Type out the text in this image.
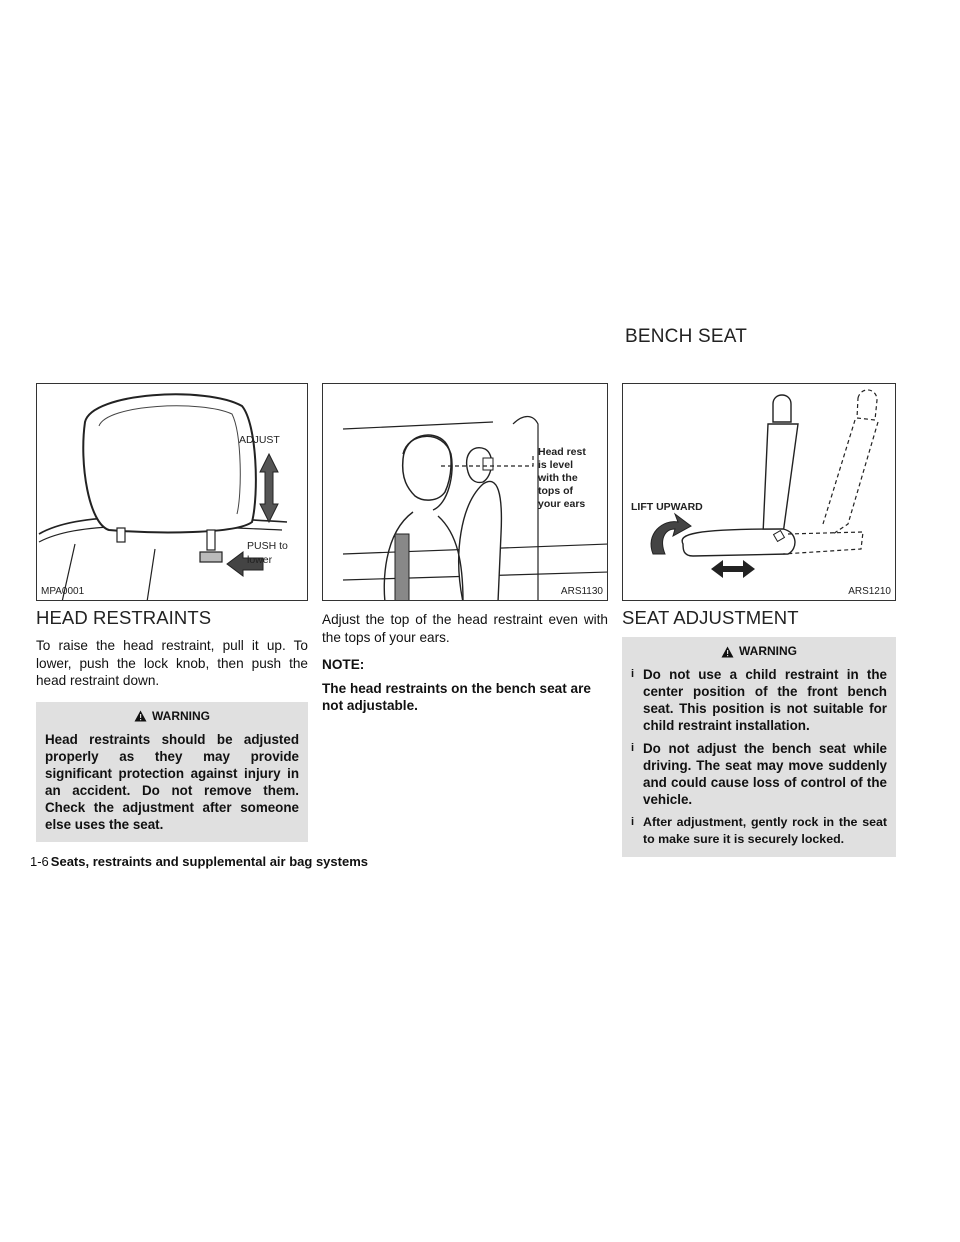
BENCH SEAT
ADJUST
PUSH to
lower
MPA0001
HEAD RESTRAINTS

To raise the head restraint, pull it up. To lower, push the lock knob, then push the head restraint down.

WARNING
Head restraints should be adjusted properly as they may provide significant protection against injury in an accident. Do not remove them. Check the adjustment after someone else uses the seat.
Head rest
is level
with the
tops of
your ears
ARS1130

Adjust the top of the head restraint even with the tops of your ears.

NOTE:

The head restraints on the bench seat are not adjustable.

LIFT UPWARD
ARS1210
SEAT ADJUSTMENT
WARNING
i Do not use a child restraint in the center position of the front bench seat. This position is not suitable for child restraint installation.
i Do not adjust the bench seat while driving. The seat may move suddenly and could cause loss of control of the vehicle.
i After adjustment, gently rock in the seat to make sure it is securely locked.
1-6 Seats, restraints and supplemental air bag systems
